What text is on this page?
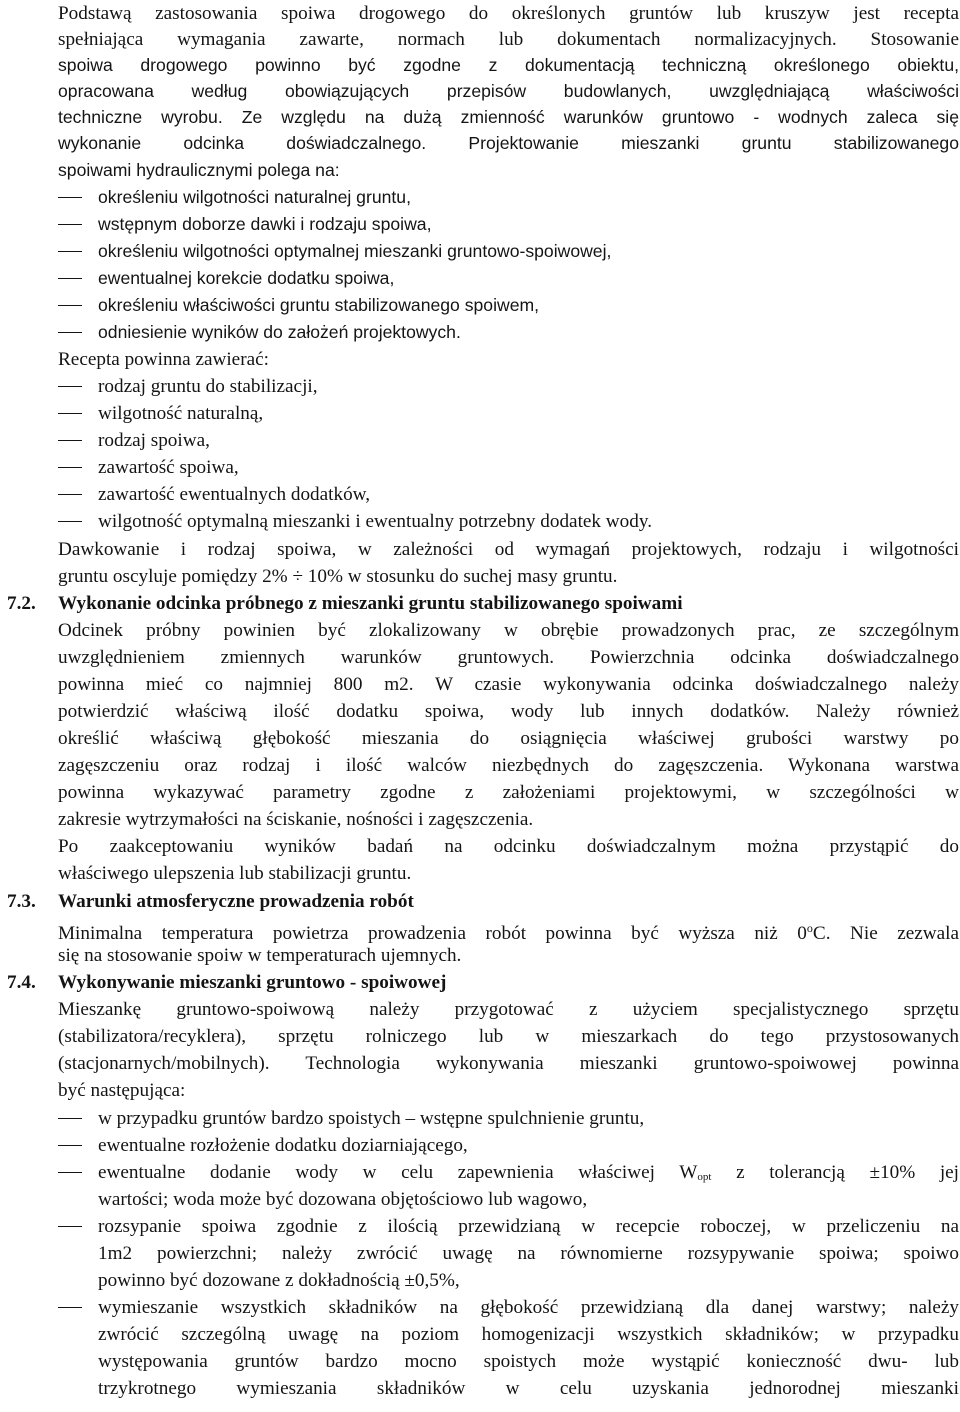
Podstawą zastosowania spoiwa drogowego do określonych gruntów lub kruszyw jest recepta
spełniająca wymagania zawarte, normach lub dokumentach normalizacyjnych. Stosowanie
spoiwa drogowego powinno być zgodne z dokumentacją techniczną określonego obiektu,
opracowana według obowiązujących przepisów budowlanych, uwzględniającą właściwości
techniczne wyrobu. Ze względu na dużą zmienność warunków gruntowo - wodnych zaleca się
wykonanie odcinka doświadczalnego. Projektowanie mieszanki gruntu stabilizowanego
spoiwami hydraulicznymi polega na:
określeniu wilgotności naturalnej gruntu,
wstępnym doborze dawki i rodzaju spoiwa,
określeniu wilgotności optymalnej mieszanki gruntowo-spoiwowej,
ewentualnej korekcie dodatku spoiwa,
określeniu właściwości gruntu stabilizowanego spoiwem,
odniesienie wyników do założeń projektowych.
Recepta powinna zawierać:
rodzaj gruntu do stabilizacji,
wilgotność naturalną,
rodzaj spoiwa,
zawartość spoiwa,
zawartość ewentualnych dodatków,
wilgotność optymalną mieszanki i ewentualny potrzebny dodatek wody.
Dawkowanie i rodzaj spoiwa, w zależności od wymagań projektowych, rodzaju i wilgotności
gruntu oscyluje pomiędzy 2% ÷ 10% w stosunku do suchej masy gruntu.
7.2. Wykonanie odcinka próbnego z mieszanki gruntu stabilizowanego spoiwami
Odcinek próbny powinien być zlokalizowany w obrębie prowadzonych prac, ze szczególnym
uwzględnieniem zmiennych warunków gruntowych. Powierzchnia odcinka doświadczalnego
powinna mieć co najmniej 800 m2. W czasie wykonywania odcinka doświadczalnego należy
potwierdzić właściwą ilość dodatku spoiwa, wody lub innych dodatków. Należy również
określić właściwą głębokość mieszania do osiągnięcia właściwej grubości warstwy po
zagęszczeniu oraz rodzaj i ilość walców niezbędnych do zagęszczenia. Wykonana warstwa
powinna wykazywać parametry zgodne z założeniami projektowymi, w szczególności w
zakresie wytrzymałości na ściskanie, nośności i zagęszczenia.
Po zaakceptowaniu wyników badań na odcinku doświadczalnym można przystąpić do
właściwego ulepszenia lub stabilizacji gruntu.
7.3. Warunki atmosferyczne prowadzenia robót
Minimalna temperatura powietrza prowadzenia robót powinna być wyższa niż 0$^o$C. Nie zezwala
się na stosowanie spoiw w temperaturach ujemnych.
7.4. Wykonywanie mieszanki gruntowo - spoiwowej
Mieszankę gruntowo-spoiwową należy przygotować z użyciem specjalistycznego sprzętu
(stabilizatora/recyklera), sprzętu rolniczego lub w mieszarkach do tego przystosowanych
(stacjonarnych/mobilnych). Technologia wykonywania mieszanki gruntowo-spoiwowej powinna
być następująca:
w przypadku gruntów bardzo spoistych – wstępne spulchnienie gruntu,
ewentualne rozłożenie dodatku doziarniającego,
ewentualne dodanie wody w celu zapewnienia właściwej $W_{opt}$ z tolerancją ±10% jej
wartości; woda może być dozowana objętościowo lub wagowo,
rozsypanie spoiwa zgodnie z ilością przewidzianą w recepcie roboczej, w przeliczeniu na
1m2 powierzchni; należy zwrócić uwagę na równomierne rozsypywanie spoiwa; spoiwo
powinno być dozowane z dokładnością ±0,5%,
wymieszanie wszystkich składników na głębokość przewidzianą dla danej warstwy; należy
zwrócić szczególną uwagę na poziom homogenizacji wszystkich składników; w przypadku
występowania gruntów bardzo mocno spoistych może wystąpić konieczność dwu- lub
trzykrotnego wymieszania składników w celu uzyskania jednorodnej mieszanki
